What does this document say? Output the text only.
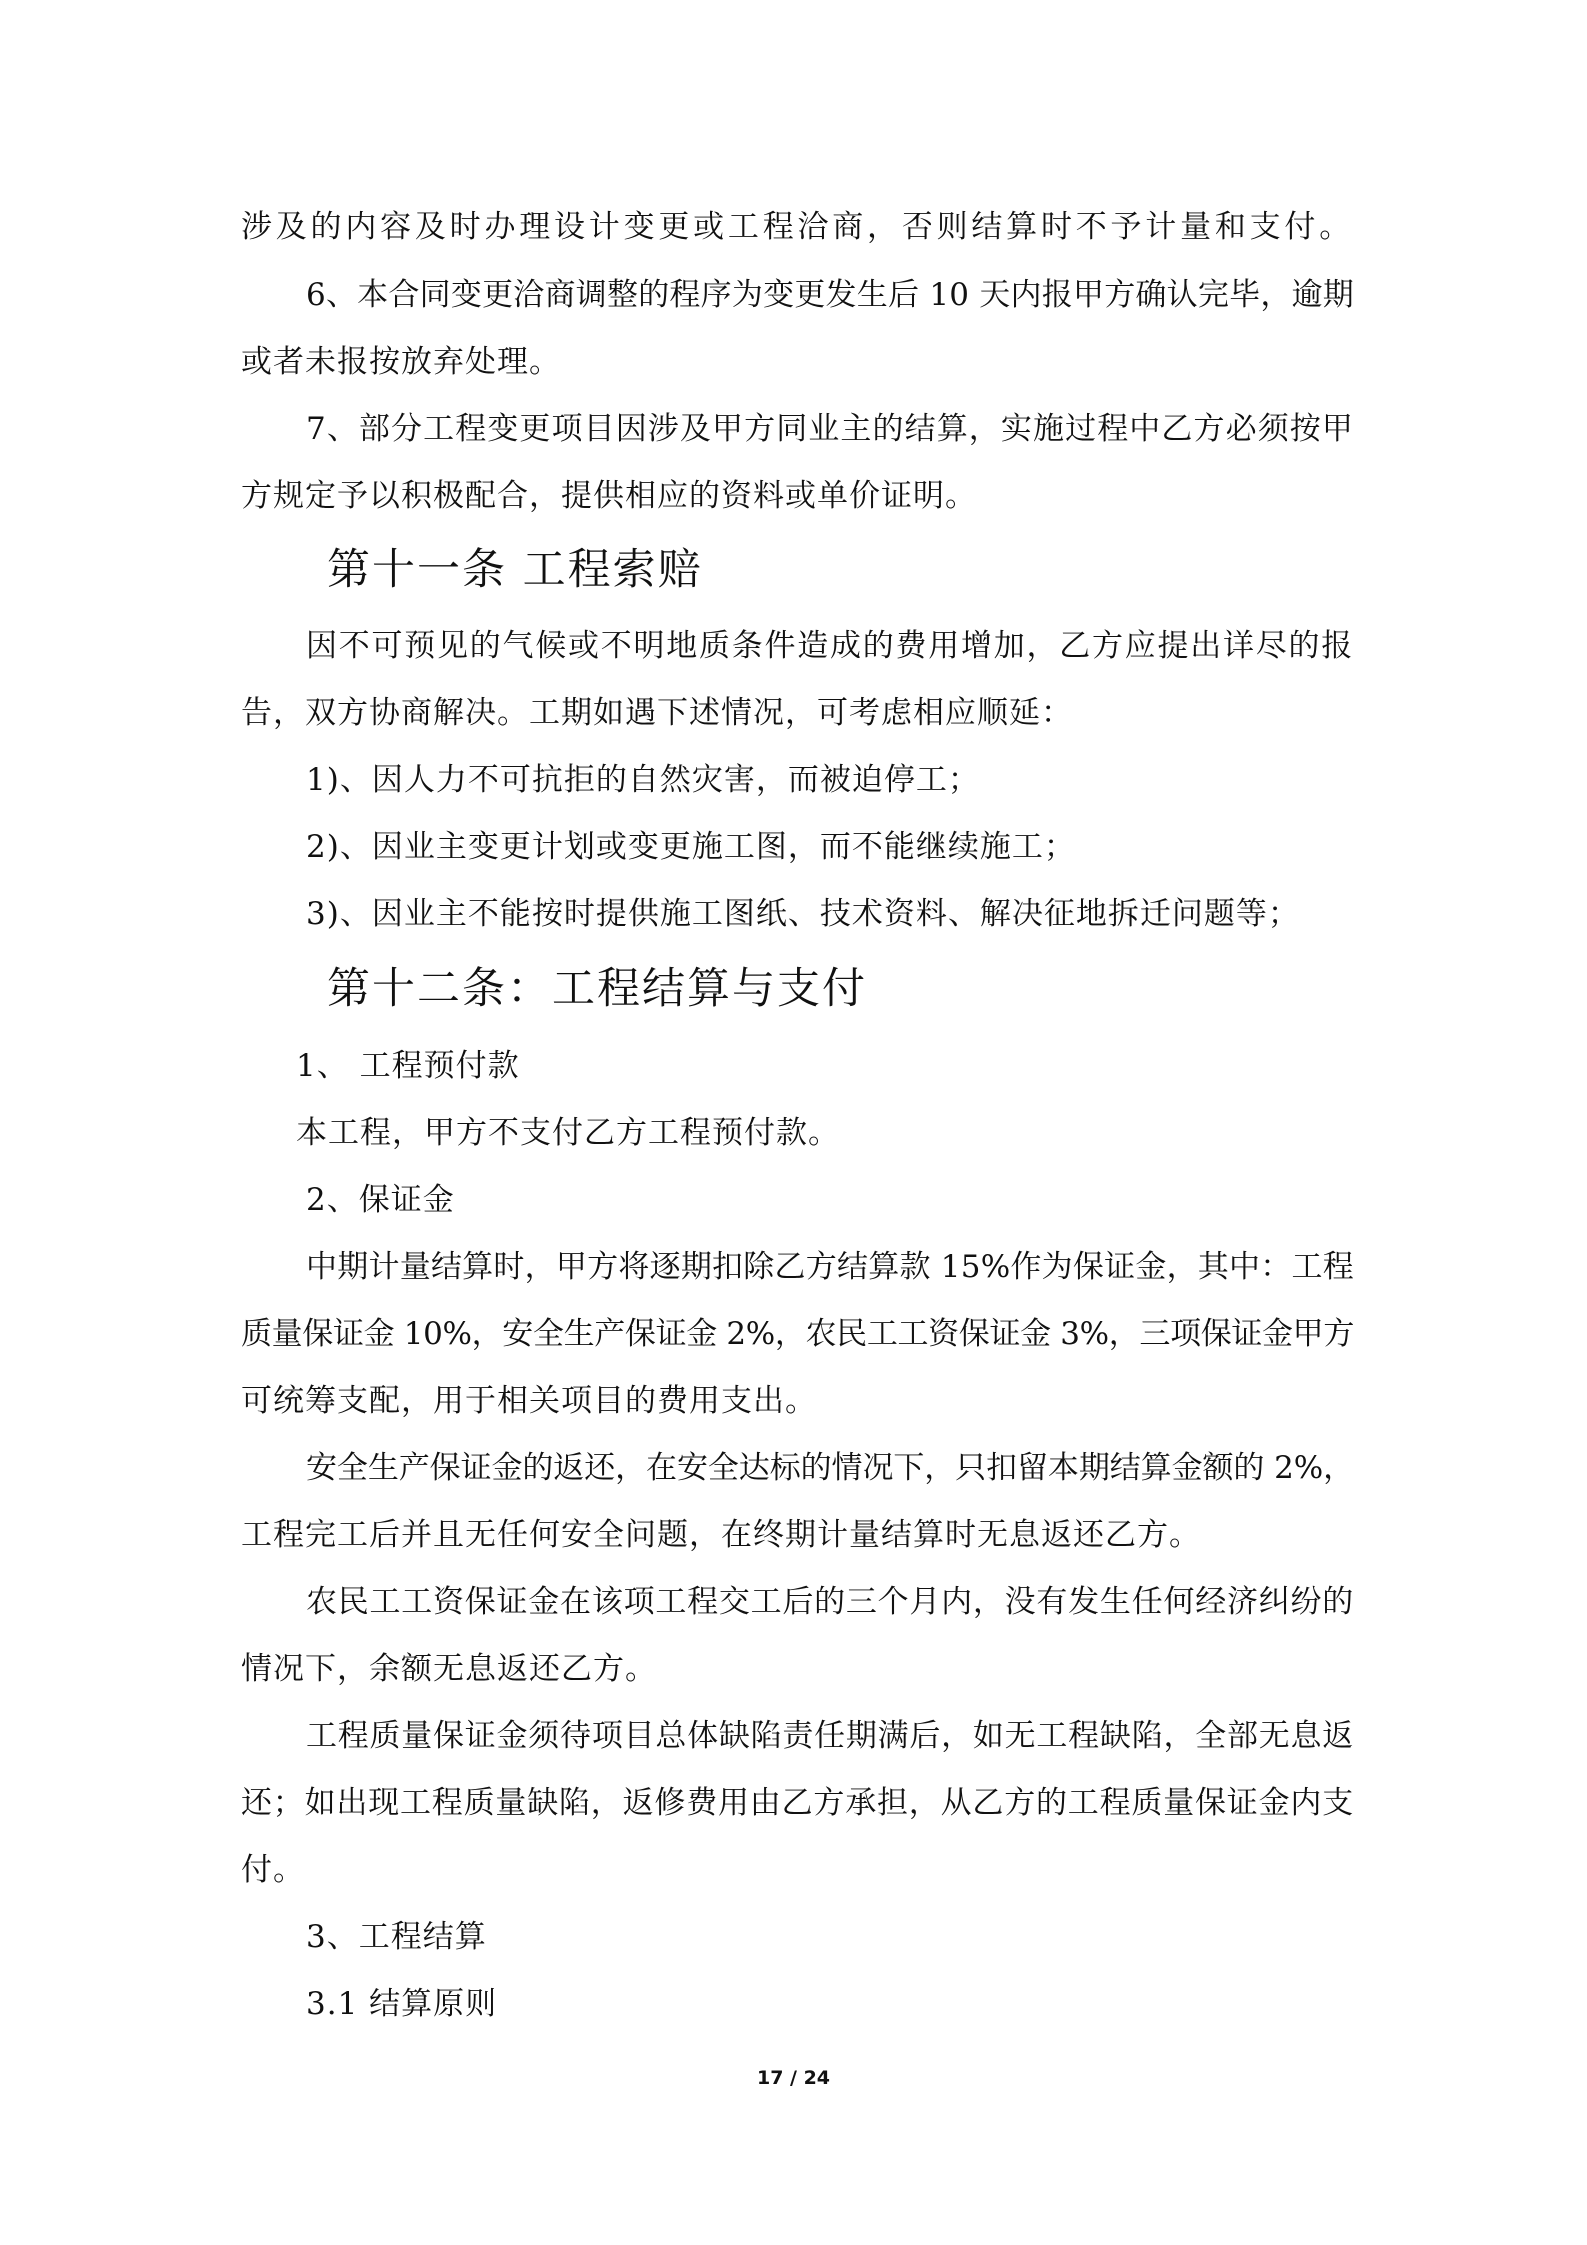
涉及的内容及时办理设计变更或工程洽商，否则结算时不予计量和支付。
6、本合同变更洽商调整的程序为变更发生后 10 天内报甲方确认完毕，逾期
或者未报按放弃处理。
7、部分工程变更项目因涉及甲方同业主的结算，实施过程中乙方必须按甲
方规定予以积极配合，提供相应的资料或单价证明。
第十一条 工程索赔
因不可预见的气候或不明地质条件造成的费用增加，乙方应提出详尽的报
告，双方协商解决。工期如遇下述情况，可考虑相应顺延：
1)、因人力不可抗拒的自然灾害，而被迫停工；
2)、因业主变更计划或变更施工图，而不能继续施工；
3)、因业主不能按时提供施工图纸、技术资料、解决征地拆迁问题等；
第十二条：工程结算与支付
1、 工程预付款
本工程，甲方不支付乙方工程预付款。
2、保证金
中期计量结算时，甲方将逐期扣除乙方结算款 15%作为保证金，其中：工程
质量保证金 10%，安全生产保证金 2%，农民工工资保证金 3%，三项保证金甲方
可统筹支配，用于相关项目的费用支出。
安全生产保证金的返还，在安全达标的情况下，只扣留本期结算金额的 2%，
工程完工后并且无任何安全问题，在终期计量结算时无息返还乙方。
农民工工资保证金在该项工程交工后的三个月内，没有发生任何经济纠纷的
情况下，余额无息返还乙方。
工程质量保证金须待项目总体缺陷责任期满后，如无工程缺陷，全部无息返
还；如出现工程质量缺陷，返修费用由乙方承担，从乙方的工程质量保证金内支
付。
3、工程结算
3.1 结算原则
17 / 24
